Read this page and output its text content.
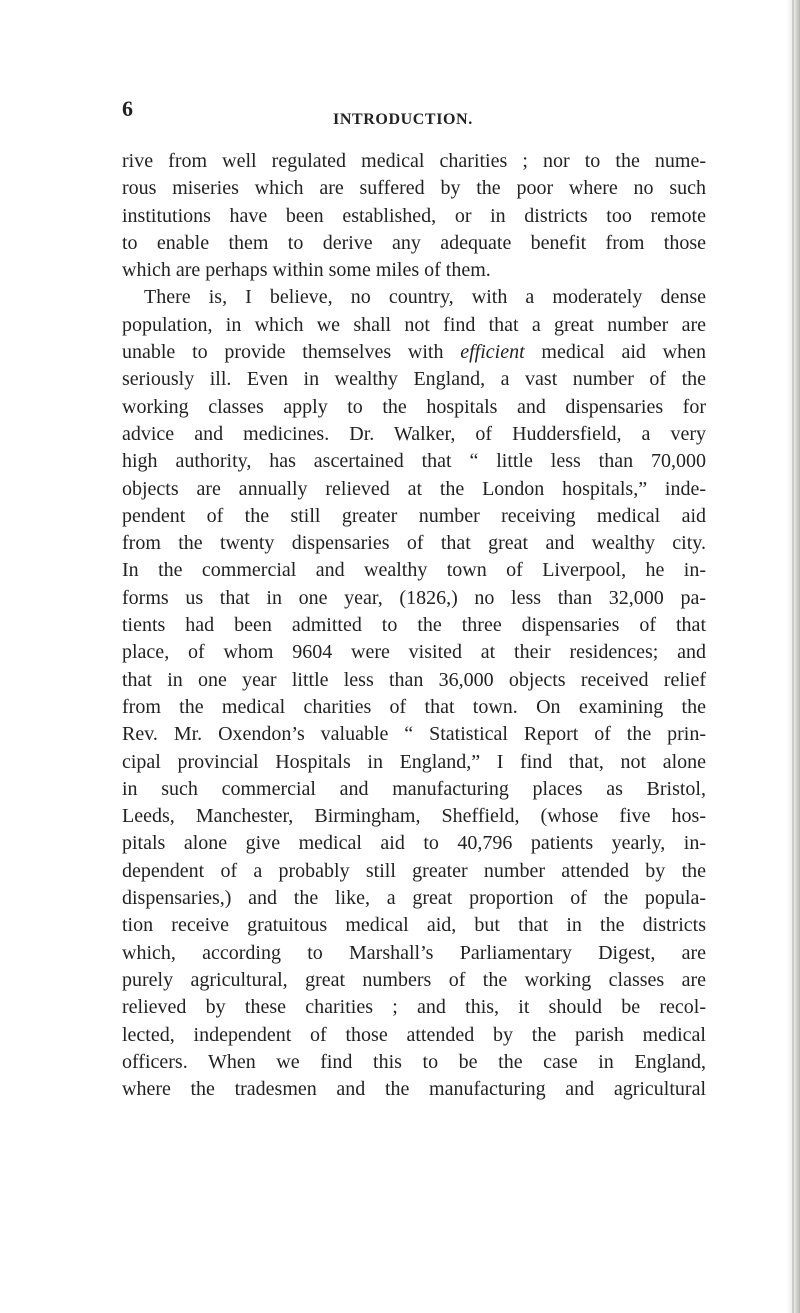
6	INTRODUCTION.
rive from well regulated medical charities ; nor to the nume-
rous miseries which are suffered by the poor where no such
institutions have been established, or in districts too remote
to enable them to derive any adequate benefit from those
which are perhaps within some miles of them.
There is, I believe, no country, with a moderately dense
population, in which we shall not find that a great number are
unable to provide themselves with efficient medical aid when
seriously ill. Even in wealthy England, a vast number of the
working classes apply to the hospitals and dispensaries for
advice and medicines. Dr. Walker, of Huddersfield, a very
high authority, has ascertained that “ little less than 70,000
objects are annually relieved at the London hospitals,” inde-
pendent of the still greater number receiving medical aid
from the twenty dispensaries of that great and wealthy city.
In the commercial and wealthy town of Liverpool, he in-
forms us that in one year, (1826,) no less than 32,000 pa-
tients had been admitted to the three dispensaries of that
place, of whom 9604 were visited at their residences; and
that in one year little less than 36,000 objects received relief
from the medical charities of that town. On examining the
Rev. Mr. Oxendon’s valuable “ Statistical Report of the prin-
cipal provincial Hospitals in England,” I find that, not alone
in such commercial and manufacturing places as Bristol,
Leeds, Manchester, Birmingham, Sheffield, (whose five hos-
pitals alone give medical aid to 40,796 patients yearly, in-
dependent of a probably still greater number attended by the
dispensaries,) and the like, a great proportion of the popula-
tion receive gratuitous medical aid, but that in the districts
which, according to Marshall’s Parliamentary Digest, are
purely agricultural, great numbers of the working classes are
relieved by these charities ; and this, it should be recol-
lected, independent of those attended by the parish medical
officers. When we find this to be the case in England,
where the tradesmen and the manufacturing and agricultural
